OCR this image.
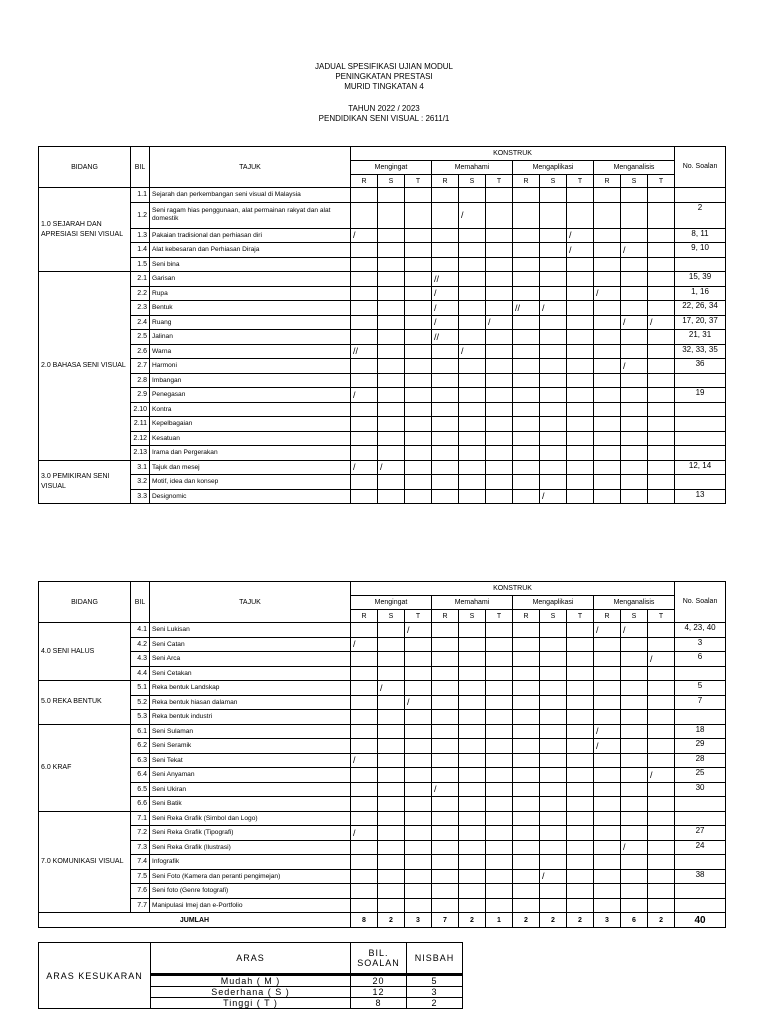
JADUAL SPESIFIKASI UJIAN MODUL
PENINGKATAN PRESTASI
MURID TINGKATAN 4
TAHUN 2022 / 2023
PENDIDIKAN SENI VISUAL : 2611/1
BIDANG	BIL	TAJUK	KONSTRUK												No. Soalan
			Mengingat			Memahami			Mengaplikasi			Menganalisis			
			R	S	T	R	S	T	R	S	T	R	S	T	
1.0 SEJARAH DAN APRESIASI SENI VISUAL	1.1	Sejarah dan perkembangan seni visual di Malaysia													
	1.2	Seni ragam hias penggunaan, alat permainan rakyat dan alat domestik					/								2
	1.3	Pakaian tradisional dan perhiasan diri	/								/				8, 11
	1.4	Alat kebesaran dan Perhiasan Diraja									/		/		9, 10
	1.5	Seni bina													
2.0 BAHASA SENI VISUAL	2.1	Garisan				//									15, 39
	2.2	Rupa				/						/			1, 16
	2.3	Bentuk				/			//	/					22, 26, 34
	2.4	Ruang				/		/					/	/	17, 20, 37
	2.5	Jalinan				//									21, 31
	2.6	Warna	//				/								32, 33, 35
	2.7	Harmoni											/		36
	2.8	Imbangan													
	2.9	Penegasan	/												19
	2.10	Kontra													
	2.11	Kepelbagaian													
	2.12	Kesatuan													
	2.13	Irama dan Pergerakan													
3.0 PEMIKIRAN SENI VISUAL	3.1	Tajuk dan mesej	/	/											12, 14
	3.2	Motif, idea dan konsep													
	3.3	Designomic								/					13
BIDANG	BIL	TAJUK	KONSTRUK												No. Soalan
			Mengingat			Memahami			Mengaplikasi			Menganalisis			
			R	S	T	R	S	T	R	S	T	R	S	T	
4.0 SENI HALUS	4.1	Seni Lukisan			/							/	/		4, 23, 40
	4.2	Seni Catan	/												3
	4.3	Seni Arca												/	6
	4.4	Seni Cetakan													
5.0 REKA BENTUK	5.1	Reka bentuk Landskap		/											5
	5.2	Reka bentuk hiasan dalaman			/										7
	5.3	Reka bentuk industri													
6.0 KRAF	6.1	Seni Sulaman										/			18
	6.2	Seni Seramik										/			29
	6.3	Seni Tekat	/												28
	6.4	Seni Anyaman												/	25
	6.5	Seni Ukiran				/									30
	6.6	Seni Batik													
7.0 KOMUNIKASI VISUAL	7.1	Seni Reka Grafik (Simbol dan Logo)													
	7.2	Seni Reka Grafik (Tipografi)	/												27
	7.3	Seni Reka Grafik (Ilustrasi)											/		24
	7.4	Infografik													
	7.5	Seni Foto (Kamera dan peranti pengimejan)								/					38
	7.6	Seni foto (Genre fotografi)													
	7.7	Manipulasi Imej dan e-Portfolio													
JUMLAH			8	2	3	7	2	1	2	2	2	3	6	2	40
ARAS KESUKARAN	ARAS	BIL. SOALAN	NISBAH
	Mudah ( M )	20	5
	Sederhana ( S )	12	3
	Tinggi ( T )	8	2
